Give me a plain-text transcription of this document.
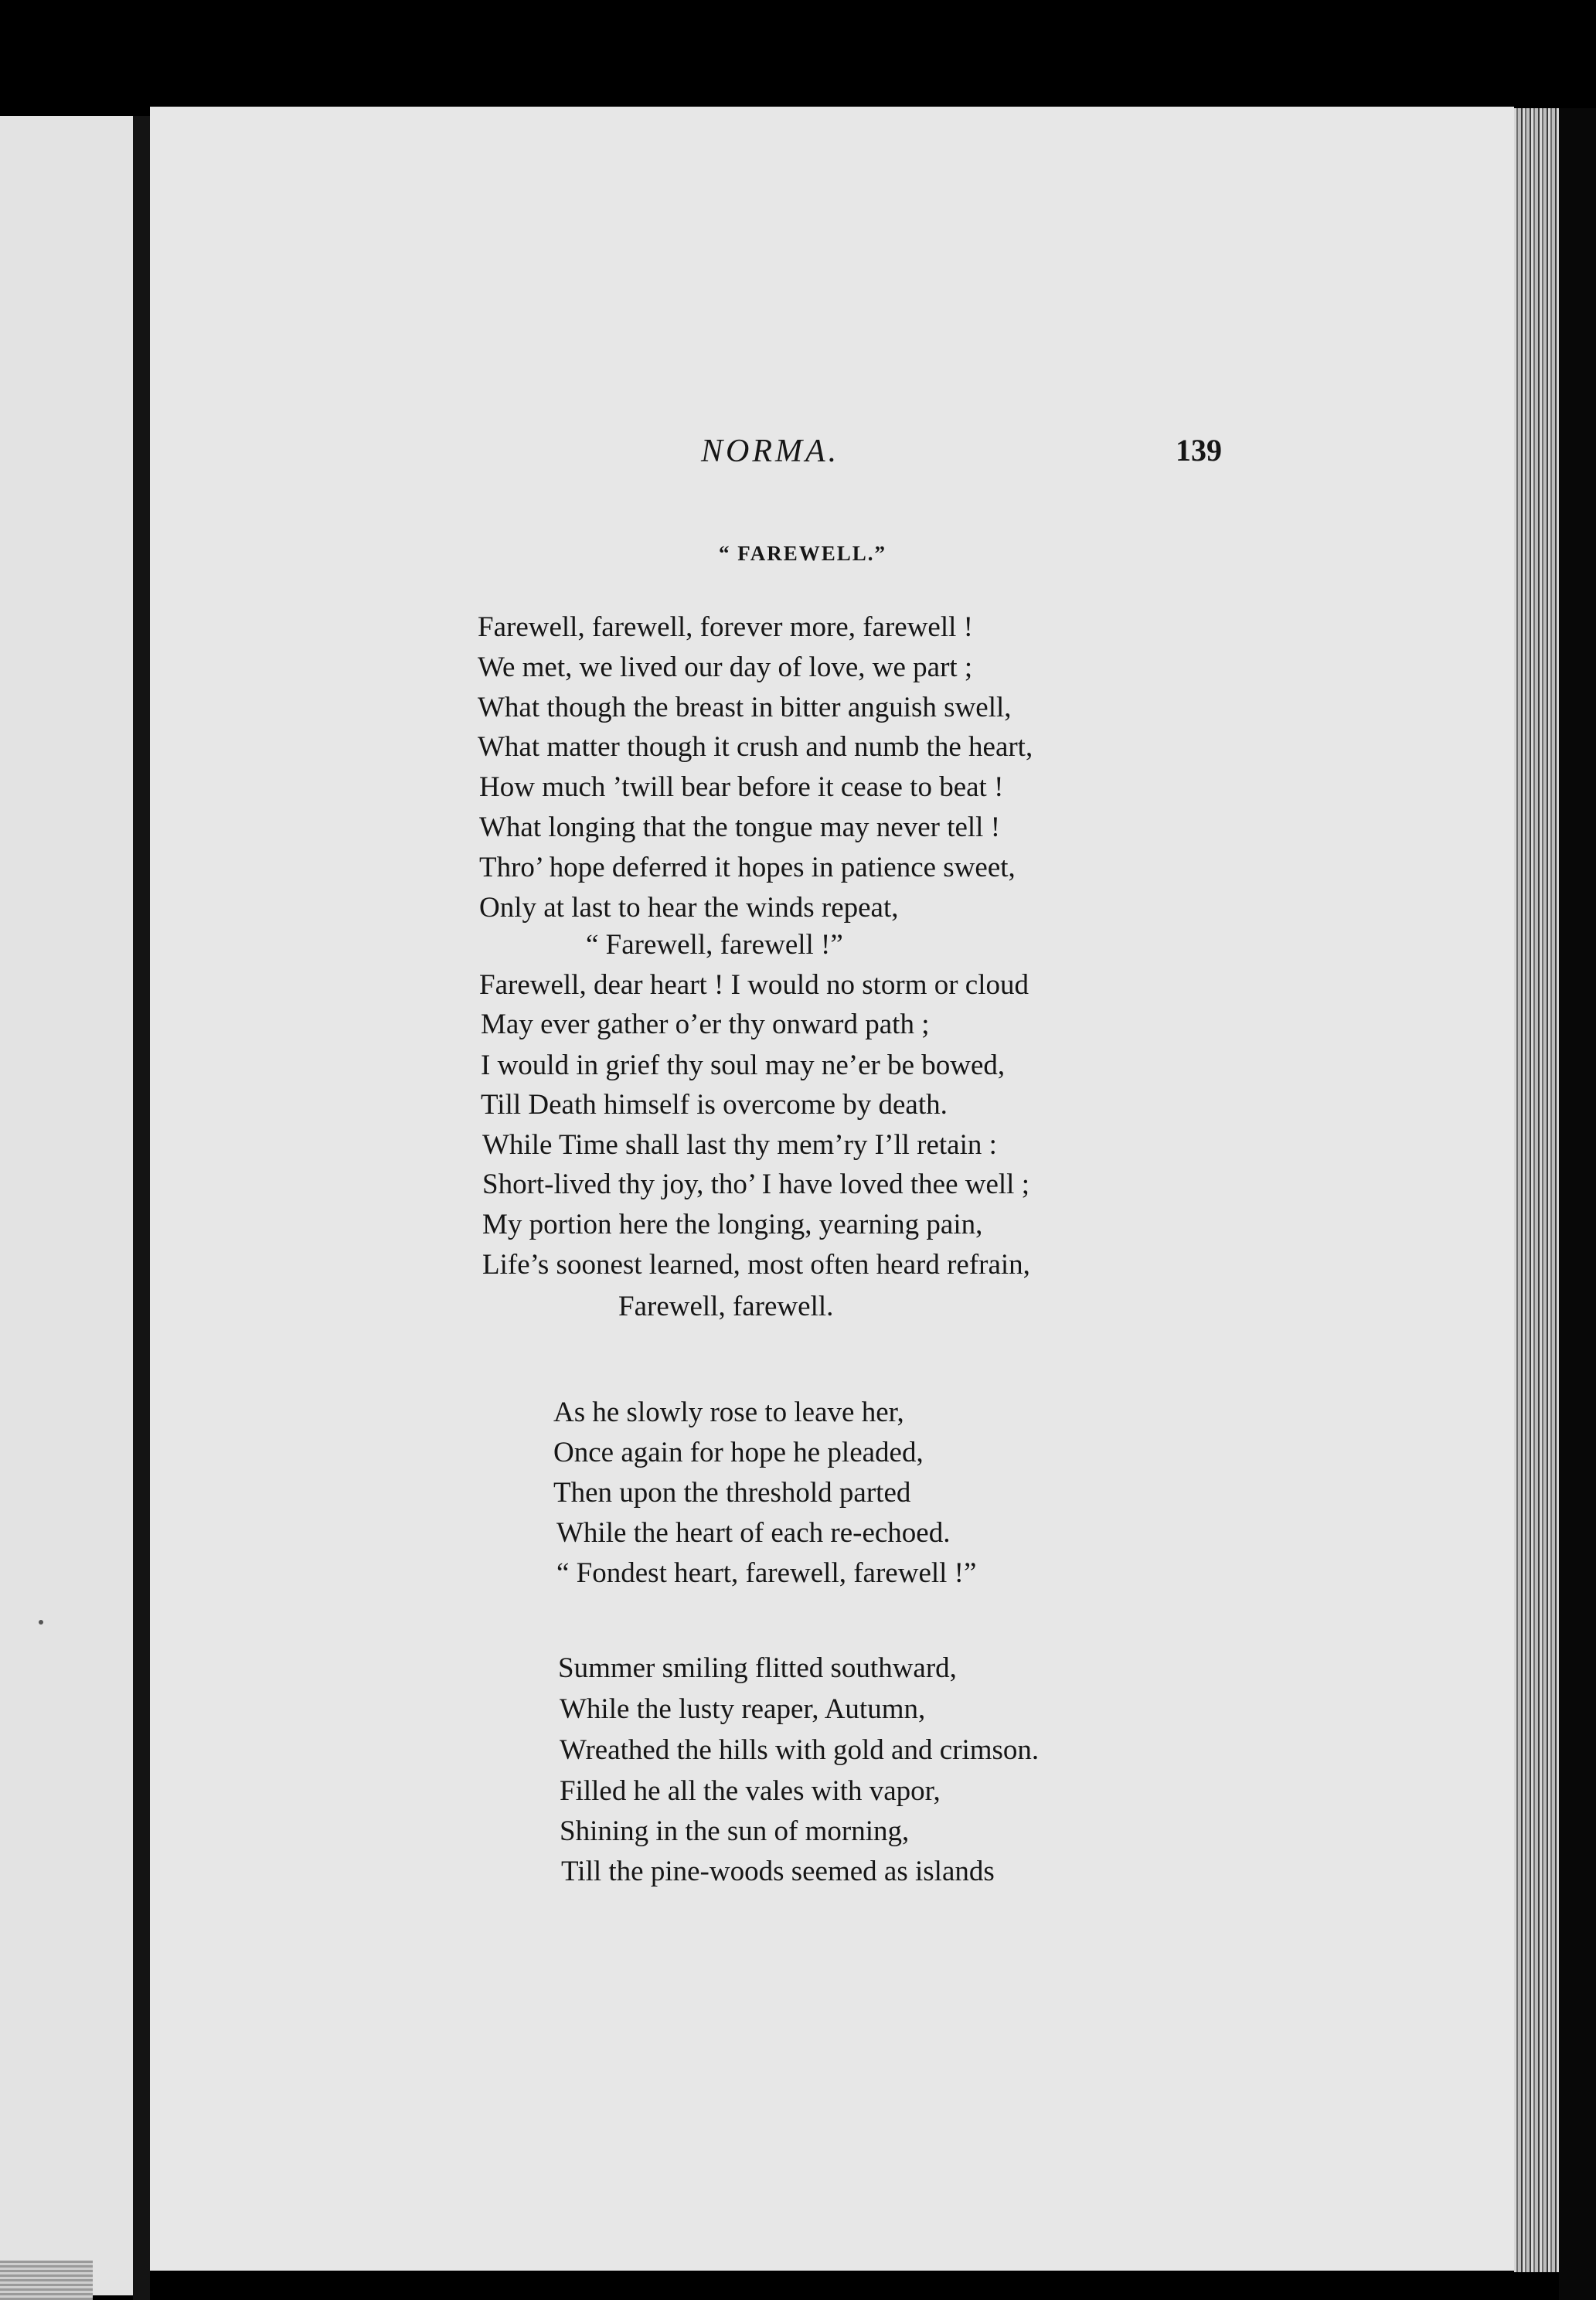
NORMA.	139
“ FAREWELL.”
Farewell, farewell, forever more, farewell !
We met, we lived our day of love, we part ;
What though the breast in bitter anguish swell,
What matter though it crush and numb the heart,
How much ’twill bear before it cease to beat !
What longing that the tongue may never tell !
Thro’ hope deferred it hopes in patience sweet,
Only at last to hear the winds repeat,
“ Farewell, farewell !”
Farewell, dear heart ! I would no storm or cloud
May ever gather o’er thy onward path ;
I would in grief thy soul may ne’er be bowed,
Till Death himself is overcome by death.
While Time shall last thy mem’ry I’ll retain :
Short-lived thy joy, tho’ I have loved thee well ;
My portion here the longing, yearning pain,
Life’s soonest learned, most often heard refrain,
Farewell, farewell.
As he slowly rose to leave her,
Once again for hope he pleaded,
Then upon the threshold parted
While the heart of each re-echoed.
“ Fondest heart, farewell, farewell !”
Summer smiling flitted southward,
While the lusty reaper, Autumn,
Wreathed the hills with gold and crimson.
Filled he all the vales with vapor,
Shining in the sun of morning,
Till the pine-woods seemed as islands
